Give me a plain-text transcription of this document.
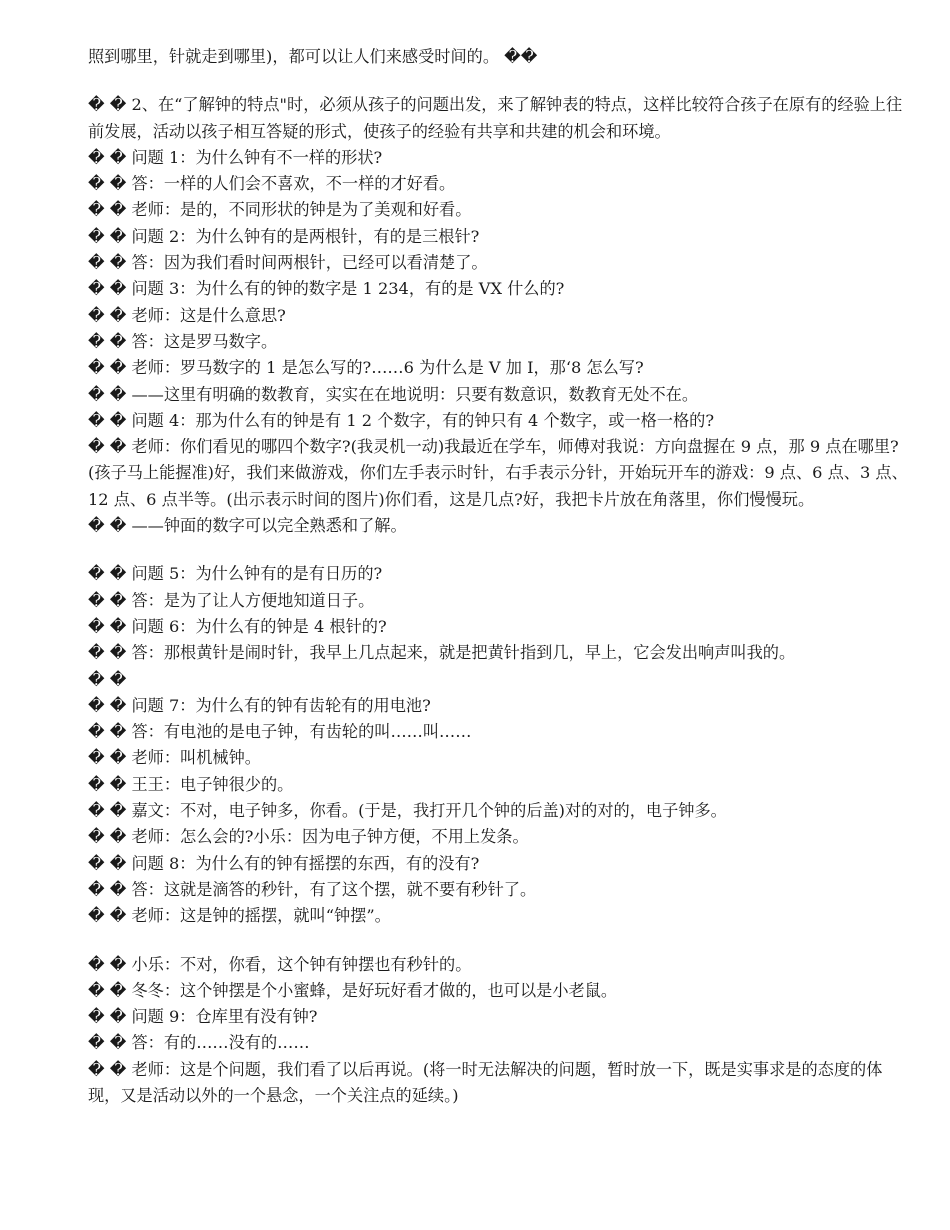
照到哪里，针就走到哪里)，都可以让人们来感受时间的。 ��

� � 2、在“了解钟的特点"时，必须从孩子的问题出发，来了解钟表的特点，这样比较符合孩子在原有的经验上往前发展，活动以孩子相互答疑的形式，使孩子的经验有共享和共建的机会和环境。

� � 问题 1：为什么钟有不一样的形状?

� � 答：一样的人们会不喜欢，不一样的才好看。

� � 老师：是的，不同形状的钟是为了美观和好看。

� � 问题 2：为什么钟有的是两根针，有的是三根针?

� � 答：因为我们看时间两根针，已经可以看清楚了。

� � 问题 3：为什么有的钟的数字是 1 234，有的是 VX 什么的?

� � 老师：这是什么意思?

� � 答：这是罗马数字。

� � 老师：罗马数字的 1 是怎么写的?……6 为什么是 V 加 I，那‘8 怎么写?

� � ——这里有明确的数教育，实实在在地说明：只要有数意识，数教育无处不在。

� � 问题 4：那为什么有的钟是有 1 2 个数字，有的钟只有 4 个数字，或一格一格的?

� � 老师：你们看见的哪四个数字?(我灵机一动)我最近在学车，师傅对我说：方向盘握在 9 点，那 9 点在哪里?(孩子马上能握准)好，我们来做游戏，你们左手表示时针，右手表示分针，开始玩开车的游戏：9 点、6 点、3 点、12 点、6 点半等。(出示表示时间的图片)你们看，这是几点?好，我把卡片放在角落里，你们慢慢玩。

� � ——钟面的数字可以完全熟悉和了解。

� � 问题 5：为什么钟有的是有日历的?

� � 答：是为了让人方便地知道日子。

� � 问题 6：为什么有的钟是 4 根针的?

� � 答：那根黄针是闹时针，我早上几点起来，就是把黄针指到几，早上，它会发出响声叫我的。

� �

� � 问题 7：为什么有的钟有齿轮有的用电池?

� � 答：有电池的是电子钟，有齿轮的叫……叫……

� � 老师：叫机械钟。

� � 王王：电子钟很少的。

� � 嘉文：不对，电子钟多，你看。(于是，我打开几个钟的后盖)对的对的，电子钟多。

� � 老师：怎么会的?小乐：因为电子钟方便，不用上发条。

� � 问题 8：为什么有的钟有摇摆的东西，有的没有?

� � 答：这就是滴答的秒针，有了这个摆，就不要有秒针了。

� � 老师：这是钟的摇摆，就叫“钟摆”。

� � 小乐：不对，你看，这个钟有钟摆也有秒针的。

� � 冬冬：这个钟摆是个小蜜蜂，是好玩好看才做的，也可以是小老鼠。

� � 问题 9：仓库里有没有钟?

� � 答：有的……没有的……

� � 老师：这是个问题，我们看了以后再说。(将一时无法解决的问题，暂时放一下，既是实事求是的态度的体现，又是活动以外的一个悬念，一个关注点的延续。)
